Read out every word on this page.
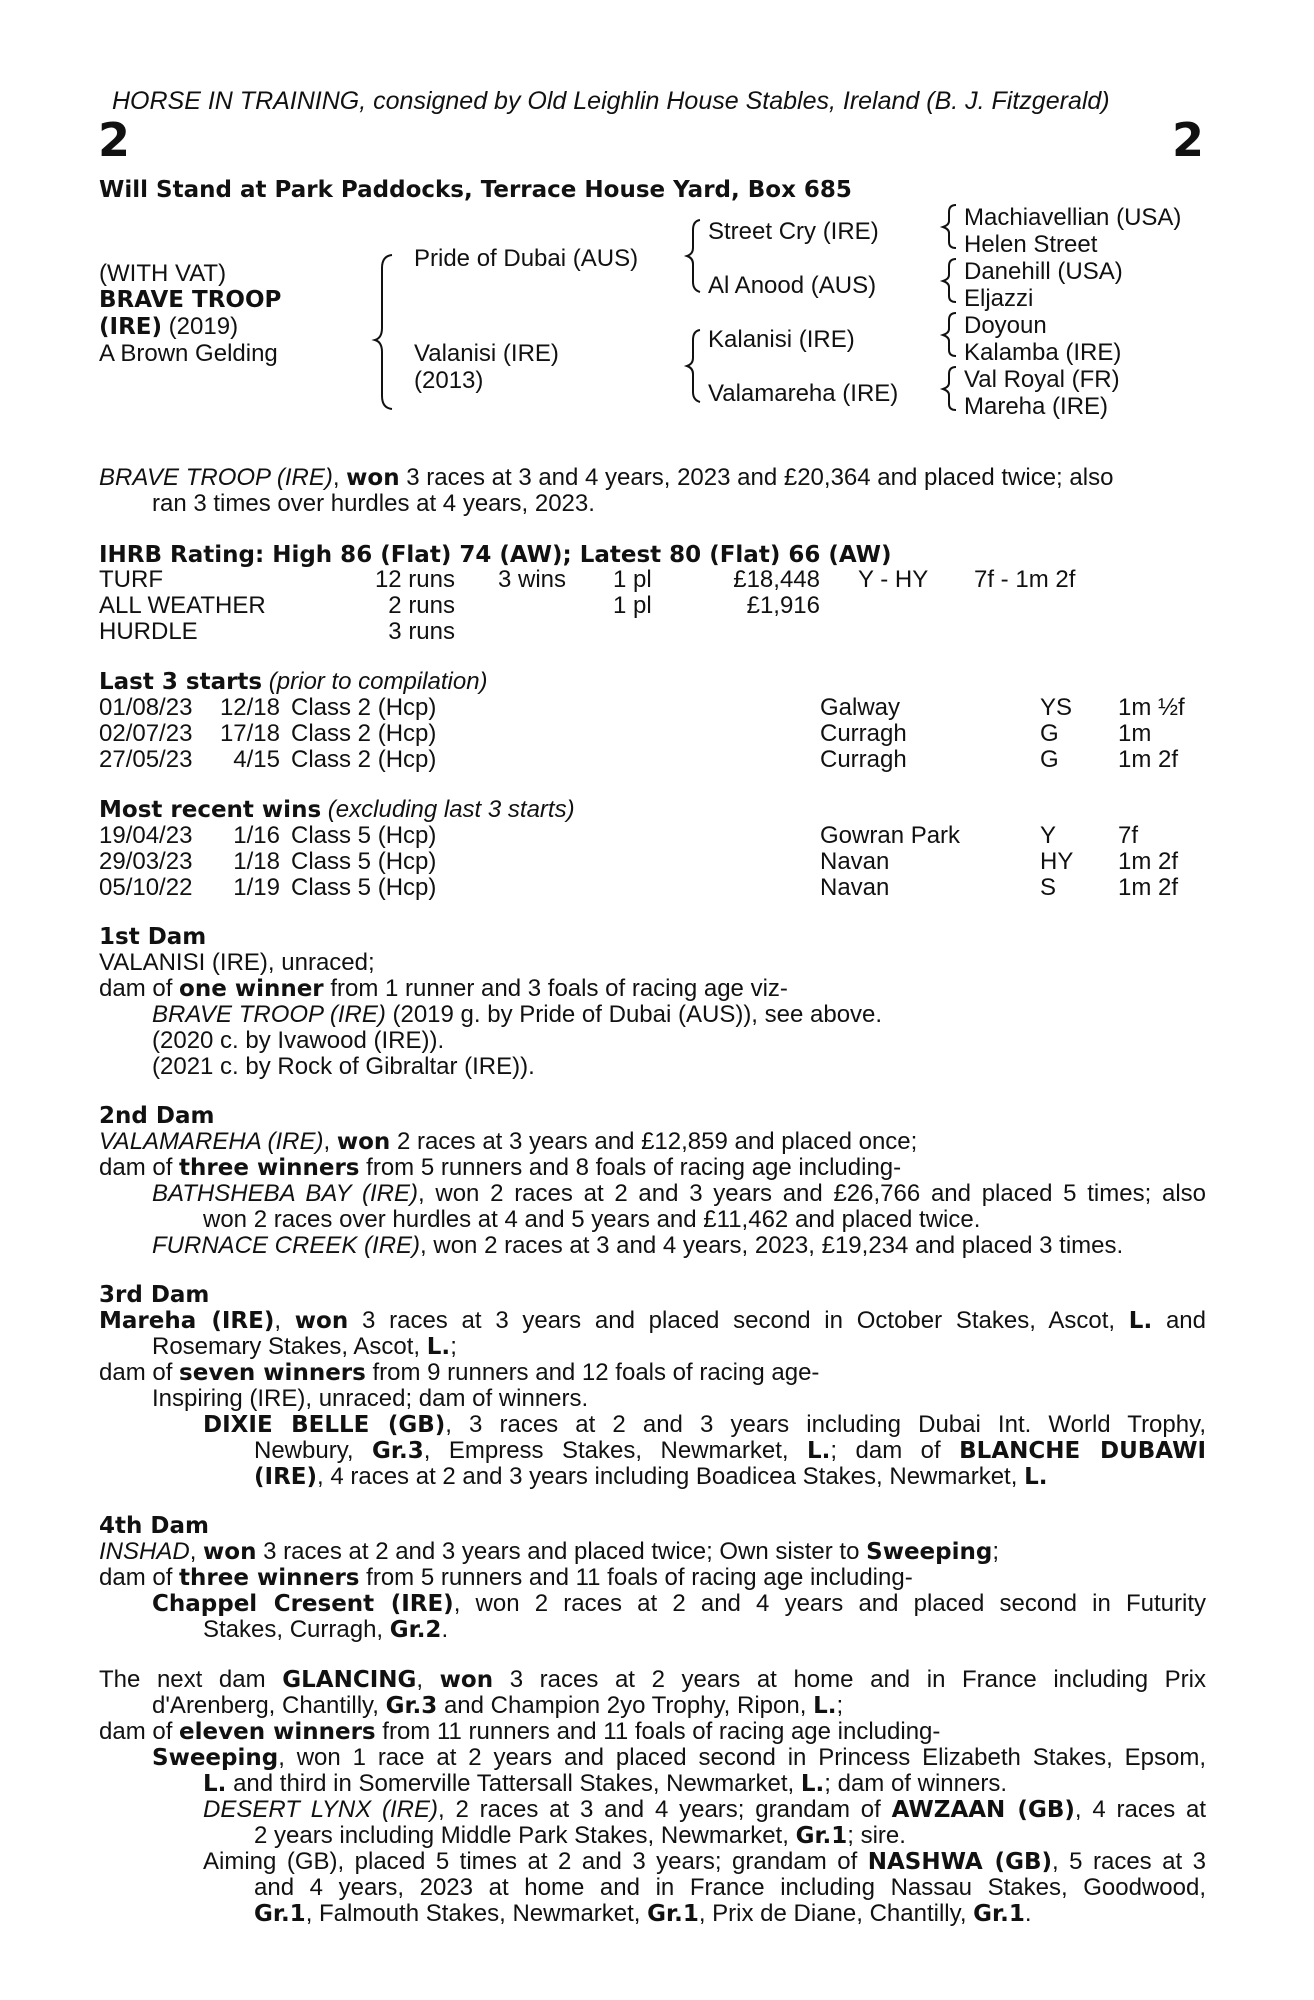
HORSE IN TRAINING, consigned by Old Leighlin House Stables, Ireland (B. J. Fitzgerald)
2	2
Will Stand at Park Paddocks, Terrace House Yard, Box 685
(WITH VAT)
BRAVE TROOP
(IRE) (2019)
A Brown Gelding
Pride of Dubai (AUS)
Valanisi (IRE)
(2013)
Street Cry (IRE)
Al Anood (AUS)
Kalanisi (IRE)
Valamareha (IRE)
Machiavellian (USA)
Helen Street
Danehill (USA)
Eljazzi
Doyoun
Kalamba (IRE)
Val Royal (FR)
Mareha (IRE)
BRAVE TROOP (IRE), won 3 races at 3 and 4 years, 2023 and £20,364 and placed twice; also
ran 3 times over hurdles at 4 years, 2023.
IHRB Rating: High 86 (Flat) 74 (AW); Latest 80 (Flat) 66 (AW)
TURF	12 runs 3 wins 1 pl	£18,448 Y - HY 7f - 1m 2f
ALL WEATHER	2 runs	1 pl	£1,916
HURDLE	3 runs
Last 3 starts (prior to compilation)
01/08/23	12/18 Class 2 (Hcp)	Galway	YS 1m ½f
02/07/23	17/18 Class 2 (Hcp)	Curragh	G 1m
27/05/23	4/15 Class 2 (Hcp)	Curragh	G 1m 2f
Most recent wins (excluding last 3 starts)
19/04/23	1/16 Class 5 (Hcp)	Gowran Park	Y	7f
29/03/23	1/18 Class 5 (Hcp)	Navan	HY 1m 2f
05/10/22	1/19 Class 5 (Hcp)	Navan	S	1m 2f
1st Dam
VALANISI (IRE), unraced;
dam of one winner from 1 runner and 3 foals of racing age viz-
BRAVE TROOP (IRE) (2019 g. by Pride of Dubai (AUS)), see above.
(2020 c. by Ivawood (IRE)).
(2021 c. by Rock of Gibraltar (IRE)).
2nd Dam
VALAMAREHA (IRE), won 2 races at 3 years and £12,859 and placed once;
dam of three winners from 5 runners and 8 foals of racing age including-
BATHSHEBA BAY (IRE), won 2 races at 2 and 3 years and £26,766 and placed 5 times; also
won 2 races over hurdles at 4 and 5 years and £11,462 and placed twice.
FURNACE CREEK (IRE), won 2 races at 3 and 4 years, 2023, £19,234 and placed 3 times.
3rd Dam
Mareha (IRE), won 3 races at 3 years and placed second in October Stakes, Ascot, L. and
Rosemary Stakes, Ascot, L.;
dam of seven winners from 9 runners and 12 foals of racing age-
Inspiring (IRE), unraced; dam of winners.
DIXIE BELLE (GB), 3 races at 2 and 3 years including Dubai Int. World Trophy,
Newbury, Gr.3, Empress Stakes, Newmarket, L.; dam of BLANCHE DUBAWI
(IRE), 4 races at 2 and 3 years including Boadicea Stakes, Newmarket, L.
4th Dam
INSHAD, won 3 races at 2 and 3 years and placed twice; Own sister to Sweeping;
dam of three winners from 5 runners and 11 foals of racing age including-
Chappel Cresent (IRE), won 2 races at 2 and 4 years and placed second in Futurity
Stakes, Curragh, Gr.2.
The next dam GLANCING, won 3 races at 2 years at home and in France including Prix
d'Arenberg, Chantilly, Gr.3 and Champion 2yo Trophy, Ripon, L.;
dam of eleven winners from 11 runners and 11 foals of racing age including-
Sweeping, won 1 race at 2 years and placed second in Princess Elizabeth Stakes, Epsom,
L. and third in Somerville Tattersall Stakes, Newmarket, L.; dam of winners.
DESERT LYNX (IRE), 2 races at 3 and 4 years; grandam of AWZAAN (GB), 4 races at
2 years including Middle Park Stakes, Newmarket, Gr.1; sire.
Aiming (GB), placed 5 times at 2 and 3 years; grandam of NASHWA (GB), 5 races at 3
and 4 years, 2023 at home and in France including Nassau Stakes, Goodwood,
Gr.1, Falmouth Stakes, Newmarket, Gr.1, Prix de Diane, Chantilly, Gr.1.
